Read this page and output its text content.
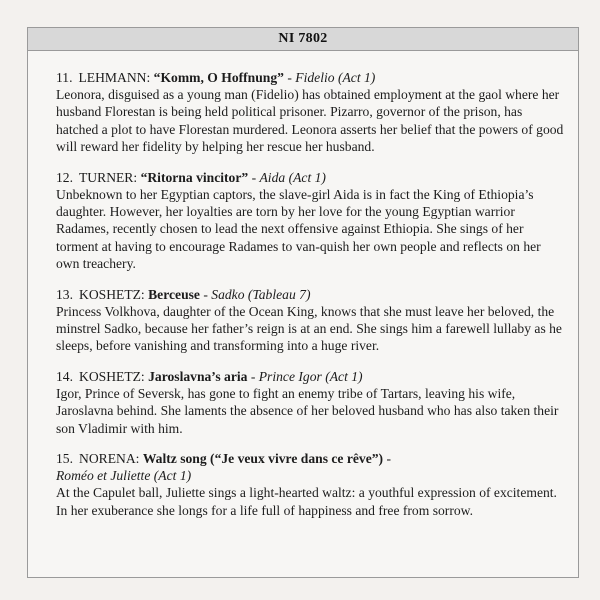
NI 7802
11. LEHMANN: “Komm, O Hoffnung” - Fidelio (Act 1)

Leonora, disguised as a young man (Fidelio) has obtained employment at the gaol where her husband Florestan is being held political prisoner. Pizarro, governor of the prison, has hatched a plot to have Florestan murdered. Leonora asserts her belief that the powers of good will reward her fidelity by helping her rescue her husband.

12. TURNER: “Ritorna vincitor” - Aida (Act 1)

Unbeknown to her Egyptian captors, the slave-girl Aida is in fact the King of Ethiopia’s daughter. However, her loyalties are torn by her love for the young Egyptian warrior Radames, recently chosen to lead the next offensive against Ethiopia. She sings of her torment at having to encourage Radames to van-quish her own people and reflects on her own treachery.

13. KOSHETZ: Berceuse - Sadko (Tableau 7)

Princess Volkhova, daughter of the Ocean King, knows that she must leave her beloved, the minstrel Sadko, because her father’s reign is at an end. She sings him a farewell lullaby as he sleeps, before vanishing and transforming into a huge river.

14. KOSHETZ: Jaroslavna’s aria - Prince Igor (Act 1)

Igor, Prince of Seversk, has gone to fight an enemy tribe of Tartars, leaving his wife, Jaroslavna behind. She laments the absence of her beloved husband who has also taken their son Vladimir with him.

15. NORENA: Waltz song (“Je veux vivre dans ce rêve”) -
Roméo et Juliette (Act 1)

At the Capulet ball, Juliette sings a light-hearted waltz: a youthful expression of excitement. In her exuberance she longs for a life full of happiness and free from sorrow.
